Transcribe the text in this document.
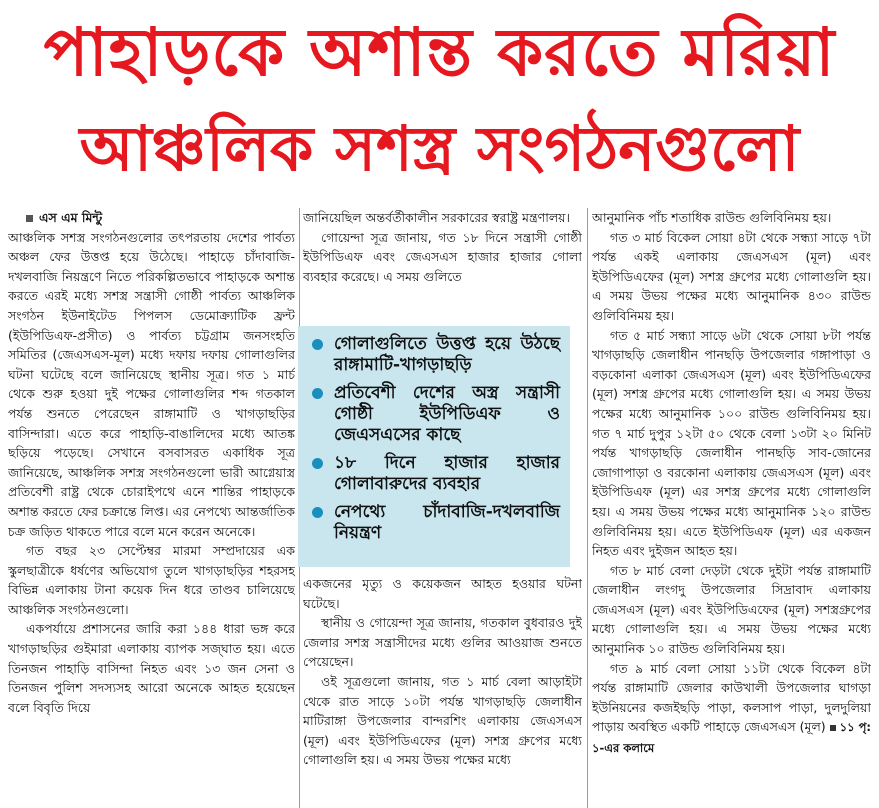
পাহাড়কে অশান্ত করতে মরিয়া
আঞ্চলিক সশস্ত্র সংগঠনগুলো

এস এম মিন্টু

আঞ্চলিক সশস্ত্র সংগঠনগুলোর তৎপরতায় দেশের পার্বত্য অঞ্চল ফের উত্তপ্ত হয়ে উঠেছে। পাহাড়ে চাঁদাবাজি-দখলবাজি নিয়ন্ত্রণে নিতে পরিকল্পিতভাবে পাহাড়কে অশান্ত করতে এরই মধ্যে সশস্ত্র সন্ত্রাসী গোষ্ঠী পার্বত্য আঞ্চলিক সংগঠন ইউনাইটেড পিপলস ডেমোক্র্যাটিক ফ্রন্ট (ইউপিডিএফ-প্রসীত) ও পার্বত্য চট্টগ্রাম জনসংহতি সমিতির (জেএসএস-মূল) মধ্যে দফায় দফায় গোলাগুলির ঘটনা ঘটেছে বলে জানিয়েছে স্থানীয় সূত্র। গত ১ মার্চ থেকে শুরু হওয়া দুই পক্ষের গোলাগুলির শব্দ গতকাল পর্যন্ত শুনতে পেরেছেন রাঙ্গামাটি ও খাগড়াছড়ির বাসিন্দারা। এতে করে পাহাড়ি-বাঙালিদের মধ্যে আতঙ্ক ছড়িয়ে পড়েছে। সেখানে বসবাসরত একাধিক সূত্র জানিয়েছে, আঞ্চলিক সশস্ত্র সংগঠনগুলো ভারী আগ্নেয়াস্ত্র প্রতিবেশী রাষ্ট্র থেকে চোরাইপথে এনে শান্তির পাহাড়কে অশান্ত করতে ফের চক্রান্তে লিপ্ত। এর নেপথ্যে আন্তর্জাতিক চক্র জড়িত থাকতে পারে বলে মনে করেন অনেকে।

গত বছর ২৩ সেপ্টেম্বর মারমা সম্প্রদায়ের এক স্কুলছাত্রীকে ধর্ষণের অভিযোগ তুলে খাগড়াছড়ির শহরসহ বিভিন্ন এলাকায় টানা কয়েক দিন ধরে তাণ্ডব চালিয়েছে আঞ্চলিক সংগঠনগুলো।

একপর্যায়ে প্রশাসনের জারি করা ১৪৪ ধারা ভঙ্গ করে খাগড়াছড়ির গুইমারা এলাকায় ব্যাপক সজ্ঘাত হয়। এতে তিনজন পাহাড়ি বাসিন্দা নিহত এবং ১৩ জন সেনা ও তিনজন পুলিশ সদস্যসহ আরো অনেকে আহত হয়েছেন বলে বিবৃতি দিয়ে

জানিয়েছিল অন্তর্বর্তীকালীন সরকারের স্বরাষ্ট্র মন্ত্রণালয়।

গোয়েন্দা সূত্র জানায়, গত ১৮ দিনে সন্ত্রাসী গোষ্ঠী ইউপিডিএফ এবং জেএসএস হাজার হাজার গোলা ব্যবহার করেছে। এ সময় গুলিতে

একজনের মৃত্যু ও কয়েকজন আহত হওয়ার ঘটনা ঘটেছে।

স্থানীয় ও গোয়েন্দা সূত্র জানায়, গতকাল বুধবারও দুই জেলার সশস্ত্র সন্ত্রাসীদের মধ্যে গুলির আওয়াজ শুনতে পেয়েছেন।

ওই সূত্রগুলো জানায়, গত ১ মার্চ বেলা আড়াইটা থেকে রাত সাড়ে ১০টা পর্যন্ত খাগড়াছড়ি জেলাধীন মাটিরাঙ্গা উপজেলার বান্দরশিং এলাকায় জেএসএস (মূল) এবং ইউপিডিএফের (মূল) সশস্ত্র গ্রুপের মধ্যে গোলাগুলি হয়। এ সময় উভয় পক্ষের মধ্যে

গোলাগুলিতে উত্তপ্ত হয়ে উঠছে রাঙ্গামাটি-খাগড়াছড়ি
প্রতিবেশী দেশের অস্ত্র সন্ত্রাসী গোষ্ঠী ইউপিডিএফ ও জেএসএসের কাছে
১৮ দিনে হাজার হাজার গোলাবারুদের ব্যবহার
নেপথ্যে চাঁদাবাজি-দখলবাজি নিয়ন্ত্রণ

আনুমানিক পাঁচ শতাধিক রাউন্ড গুলিবিনিময় হয়।

গত ৩ মার্চ বিকেল সোয়া ৪টা থেকে সন্ধ্যা সাড়ে ৭টা পর্যন্ত একই এলাকায় জেএসএস (মূল) এবং ইউপিডিএফের (মূল) সশস্ত্র গ্রুপের মধ্যে গোলাগুলি হয়। এ সময় উভয় পক্ষের মধ্যে আনুমানিক ৪৩০ রাউন্ড গুলিবিনিময় হয়।

গত ৫ মার্চ সন্ধ্যা সাড়ে ৬টা থেকে সোয়া ৮টা পর্যন্ত খাগড়াছড়ি জেলাধীন পানছড়ি উপজেলার গঙ্গাপাড়া ও বড়কোনা এলাকা জেএসএস (মূল) এবং ইউপিডিএফের (মূল) সশস্ত্র গ্রুপের মধ্যে গোলাগুলি হয়। এ সময় উভয় পক্ষের মধ্যে আনুমানিক ১০০ রাউন্ড গুলিবিনিময় হয়। গত ৭ মার্চ দুপুর ১২টা ৫০ থেকে বেলা ১৩টা ২০ মিনিট পর্যন্ত খাগড়াছড়ি জেলাধীন পানছড়ি সাব-জোনের জোগাপাড়া ও বরকোনা এলাকায় জেএসএস (মূল) এবং ইউপিডিএফ (মূল) এর সশস্ত্র গ্রুপের মধ্যে গোলাগুলি হয়। এ সময় উভয় পক্ষের মধ্যে আনুমানিক ১২০ রাউন্ড গুলিবিনিময় হয়। এতে ইউপিডিএফ (মূল) এর একজন নিহত এবং দুইজন আহত হয়।

গত ৮ মার্চ বেলা দেড়টা থেকে দুইটা পর্যন্ত রাঙ্গামাটি জেলাধীন লংগদু উপজেলার সিদ্রাবাদ এলাকায় জেএসএস (মূল) এবং ইউপিডিএফের (মূল) সশস্ত্রগ্রুপের মধ্যে গোলাগুলি হয়। এ সময় উভয় পক্ষের মধ্যে আনুমানিক ১০ রাউন্ড গুলিবিনিময় হয়।

গত ৯ মার্চ বেলা সোয়া ১১টা থেকে বিকেল ৪টা পর্যন্ত রাঙ্গামাটি জেলার কাউখালী উপজেলার ঘাগড়া ইউনিয়নের কজইছড়ি পাড়া, কলসাপ পাড়া, দুলদুলিয়া পাড়ায় অবস্থিত একটি পাহাড়ে জেএসএস (মূল) ১১ পৃ: ১-এর কলামে
